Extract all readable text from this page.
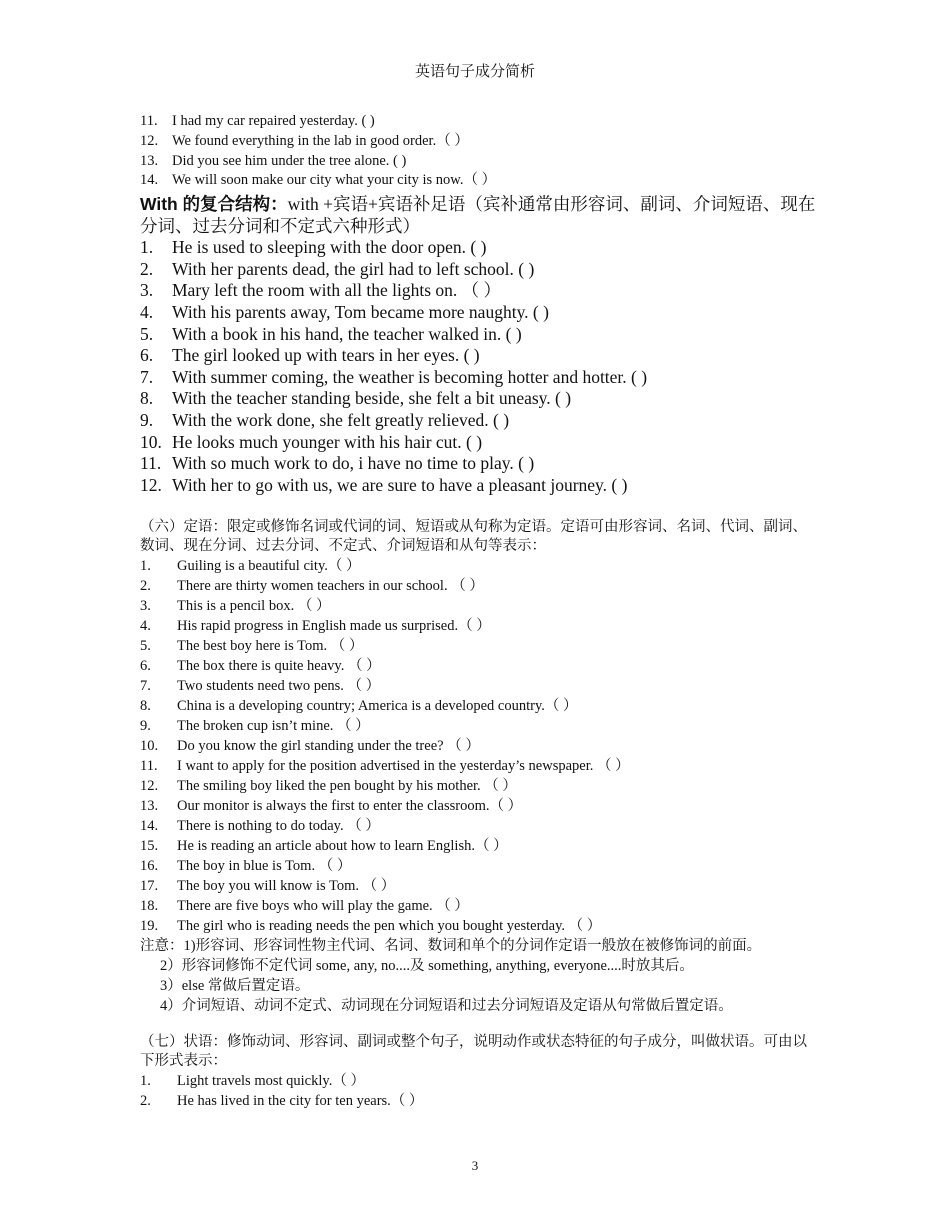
英语句子成分简析
11. I had my car repaired yesterday. ( )
12. We found everything in the lab in good order.（ ）
13. Did you see him under the tree alone. ( )
14. We will soon make our city what your city is now.（ ）
With 的复合结构：with +宾语+宾语补足语（宾补通常由形容词、副词、介词短语、现在分词、过去分词和不定式六种形式）
1.	He is used to sleeping with the door open. ( )
2.	With her parents dead, the girl had to left school. ( )
3.	Mary left the room with all the lights on. （ ）
4.	With his parents away, Tom became more naughty. ( )
5.	With a book in his hand, the teacher walked in. ( )
6.	The girl looked up with tears in her eyes. ( )
7.	With summer coming, the weather is becoming hotter and hotter. ( )
8.	With the teacher standing beside, she felt a bit uneasy. ( )
9.	With the work done, she felt greatly relieved. ( )
10. He looks much younger with his hair cut. ( )
11. With so much work to do, i have no time to play. ( )
12. With her to go with us, we are sure to have a pleasant journey. ( )
（六）定语：限定或修饰名词或代词的词、短语或从句称为定语。定语可由形容词、名词、代词、副词、数词、现在分词、过去分词、不定式、介词短语和从句等表示：
1.	Guiling is a beautiful city.（ ）
2.	There are thirty women teachers in our school. （ ）
3.	This is a pencil box. （ ）
4.	His rapid progress in English made us surprised.（ ）
5.	The best boy here is Tom. （ ）
6.	The box there is quite heavy. （ ）
7.	Two students need two pens. （ ）
8.	China is a developing country; America is a developed country.（ ）
9.	The broken cup isn’t mine. （ ）
10.	Do you know the girl standing under the tree? （ ）
11.	I want to apply for the position advertised in the yesterday’s newspaper. （ ）
12.	The smiling boy liked the pen bought by his mother. （ ）
13.	Our monitor is always the first to enter the classroom.（ ）
14.	There is nothing to do today. （ ）
15.	He is reading an article about how to learn English.（ ）
16.	The boy in blue is Tom. （ ）
17.	The boy you will know is Tom. （ ）
18.	There are five boys who will play the game. （ ）
19.	The girl who is reading needs the pen which you bought yesterday. （ ）
注意：1)形容词、形容词性物主代词、名词、数词和单个的分词作定语一般放在被修饰词的前面。
2）形容词修饰不定代词 some, any, no....及 something, anything, everyone....时放其后。
3）else 常做后置定语。
4）介词短语、动词不定式、动词现在分词短语和过去分词短语及定语从句常做后置定语。
（七）状语：修饰动词、形容词、副词或整个句子，说明动作或状态特征的句子成分，叫做状语。可由以下形式表示：
1.	Light travels most quickly.（ ）
2.	He has lived in the city for ten years.（ ）
3
